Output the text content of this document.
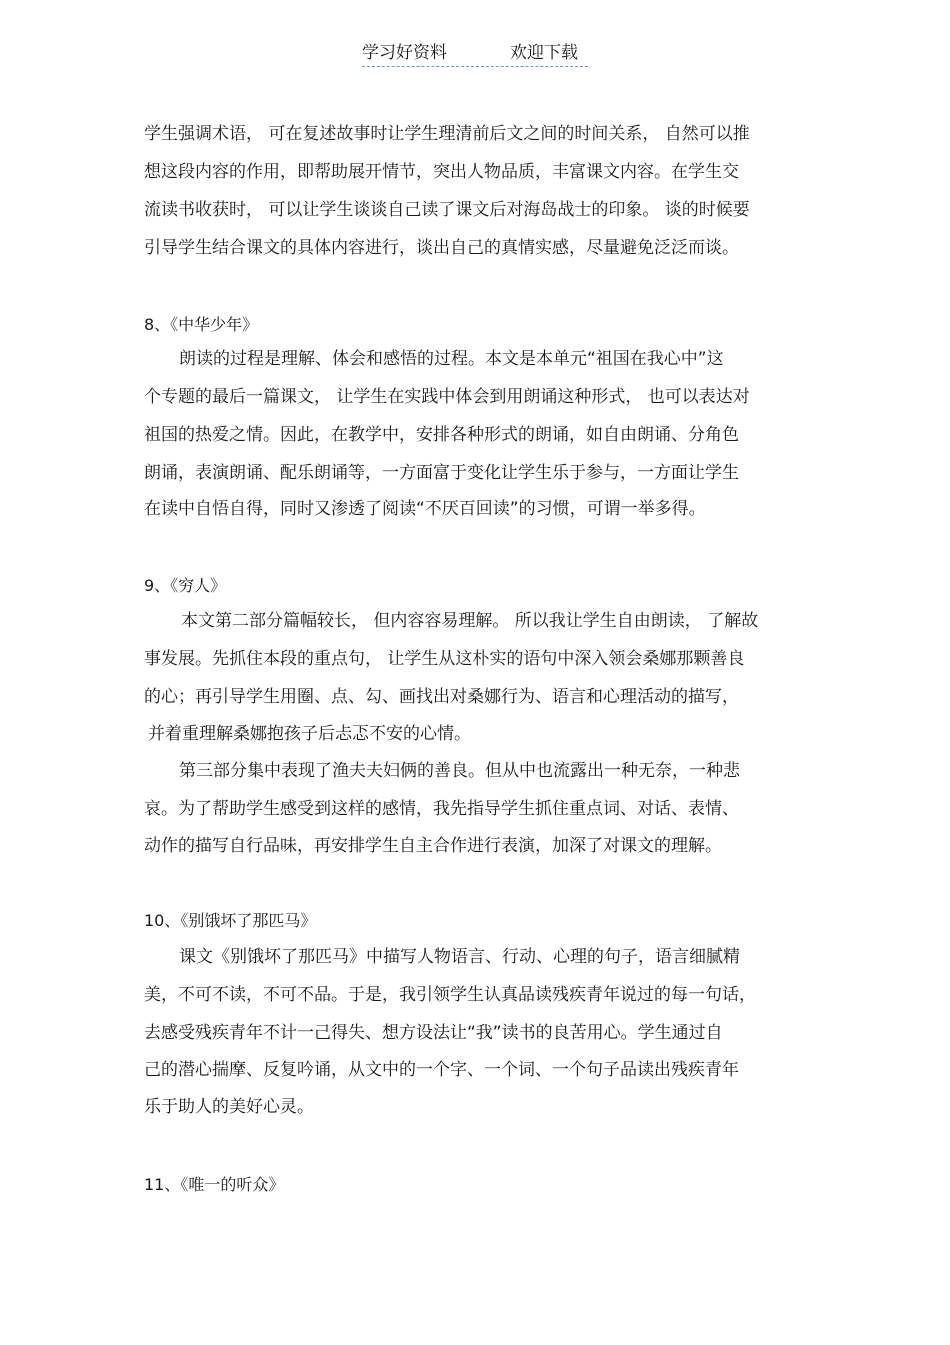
学习好资料	欢迎下载
学生强调术语， 可在复述故事时让学生理清前后文之间的时间关系， 自然可以推
想这段内容的作用，即帮助展开情节，突出人物品质，丰富课文内容。在学生交
流读书收获时， 可以让学生谈谈自己读了课文后对海岛战士的印象。 谈的时候要
引导学生结合课文的具体内容进行，谈出自己的真情实感，尽量避免泛泛而谈。
8、《中华少年》
朗读的过程是理解、体会和感悟的过程。本文是本单元“祖国在我心中”这
个专题的最后一篇课文， 让学生在实践中体会到用朗诵这种形式， 也可以表达对
祖国的热爱之情。因此，在教学中，安排各种形式的朗诵，如自由朗诵、分角色
朗诵，表演朗诵、配乐朗诵等，一方面富于变化让学生乐于参与，一方面让学生
在读中自悟自得，同时又渗透了阅读“不厌百回读”的习惯，可谓一举多得。
9、《穷人》
本文第二部分篇幅较长， 但内容容易理解。 所以我让学生自由朗读， 了解故
事发展。先抓住本段的重点句， 让学生从这朴实的语句中深入领会桑娜那颗善良
的心；再引导学生用圈、点、勾、画找出对桑娜行为、语言和心理活动的描写，
并着重理解桑娜抱孩子后忐忑不安的心情。
第三部分集中表现了渔夫夫妇俩的善良。但从中也流露出一种无奈，一种悲
哀。为了帮助学生感受到这样的感情，我先指导学生抓住重点词、对话、表情、
动作的描写自行品味，再安排学生自主合作进行表演，加深了对课文的理解。
10、《别饿坏了那匹马》
课文《别饿坏了那匹马》中描写人物语言、行动、心理的句子，语言细腻精
美，不可不读，不可不品。于是，我引领学生认真品读残疾青年说过的每一句话，
去感受残疾青年不计一己得失、想方设法让“我”读书的良苦用心。学生通过自
己的潜心揣摩、反复吟诵，从文中的一个字、一个词、一个句子品读出残疾青年
乐于助人的美好心灵。
11、《唯一的听众》
